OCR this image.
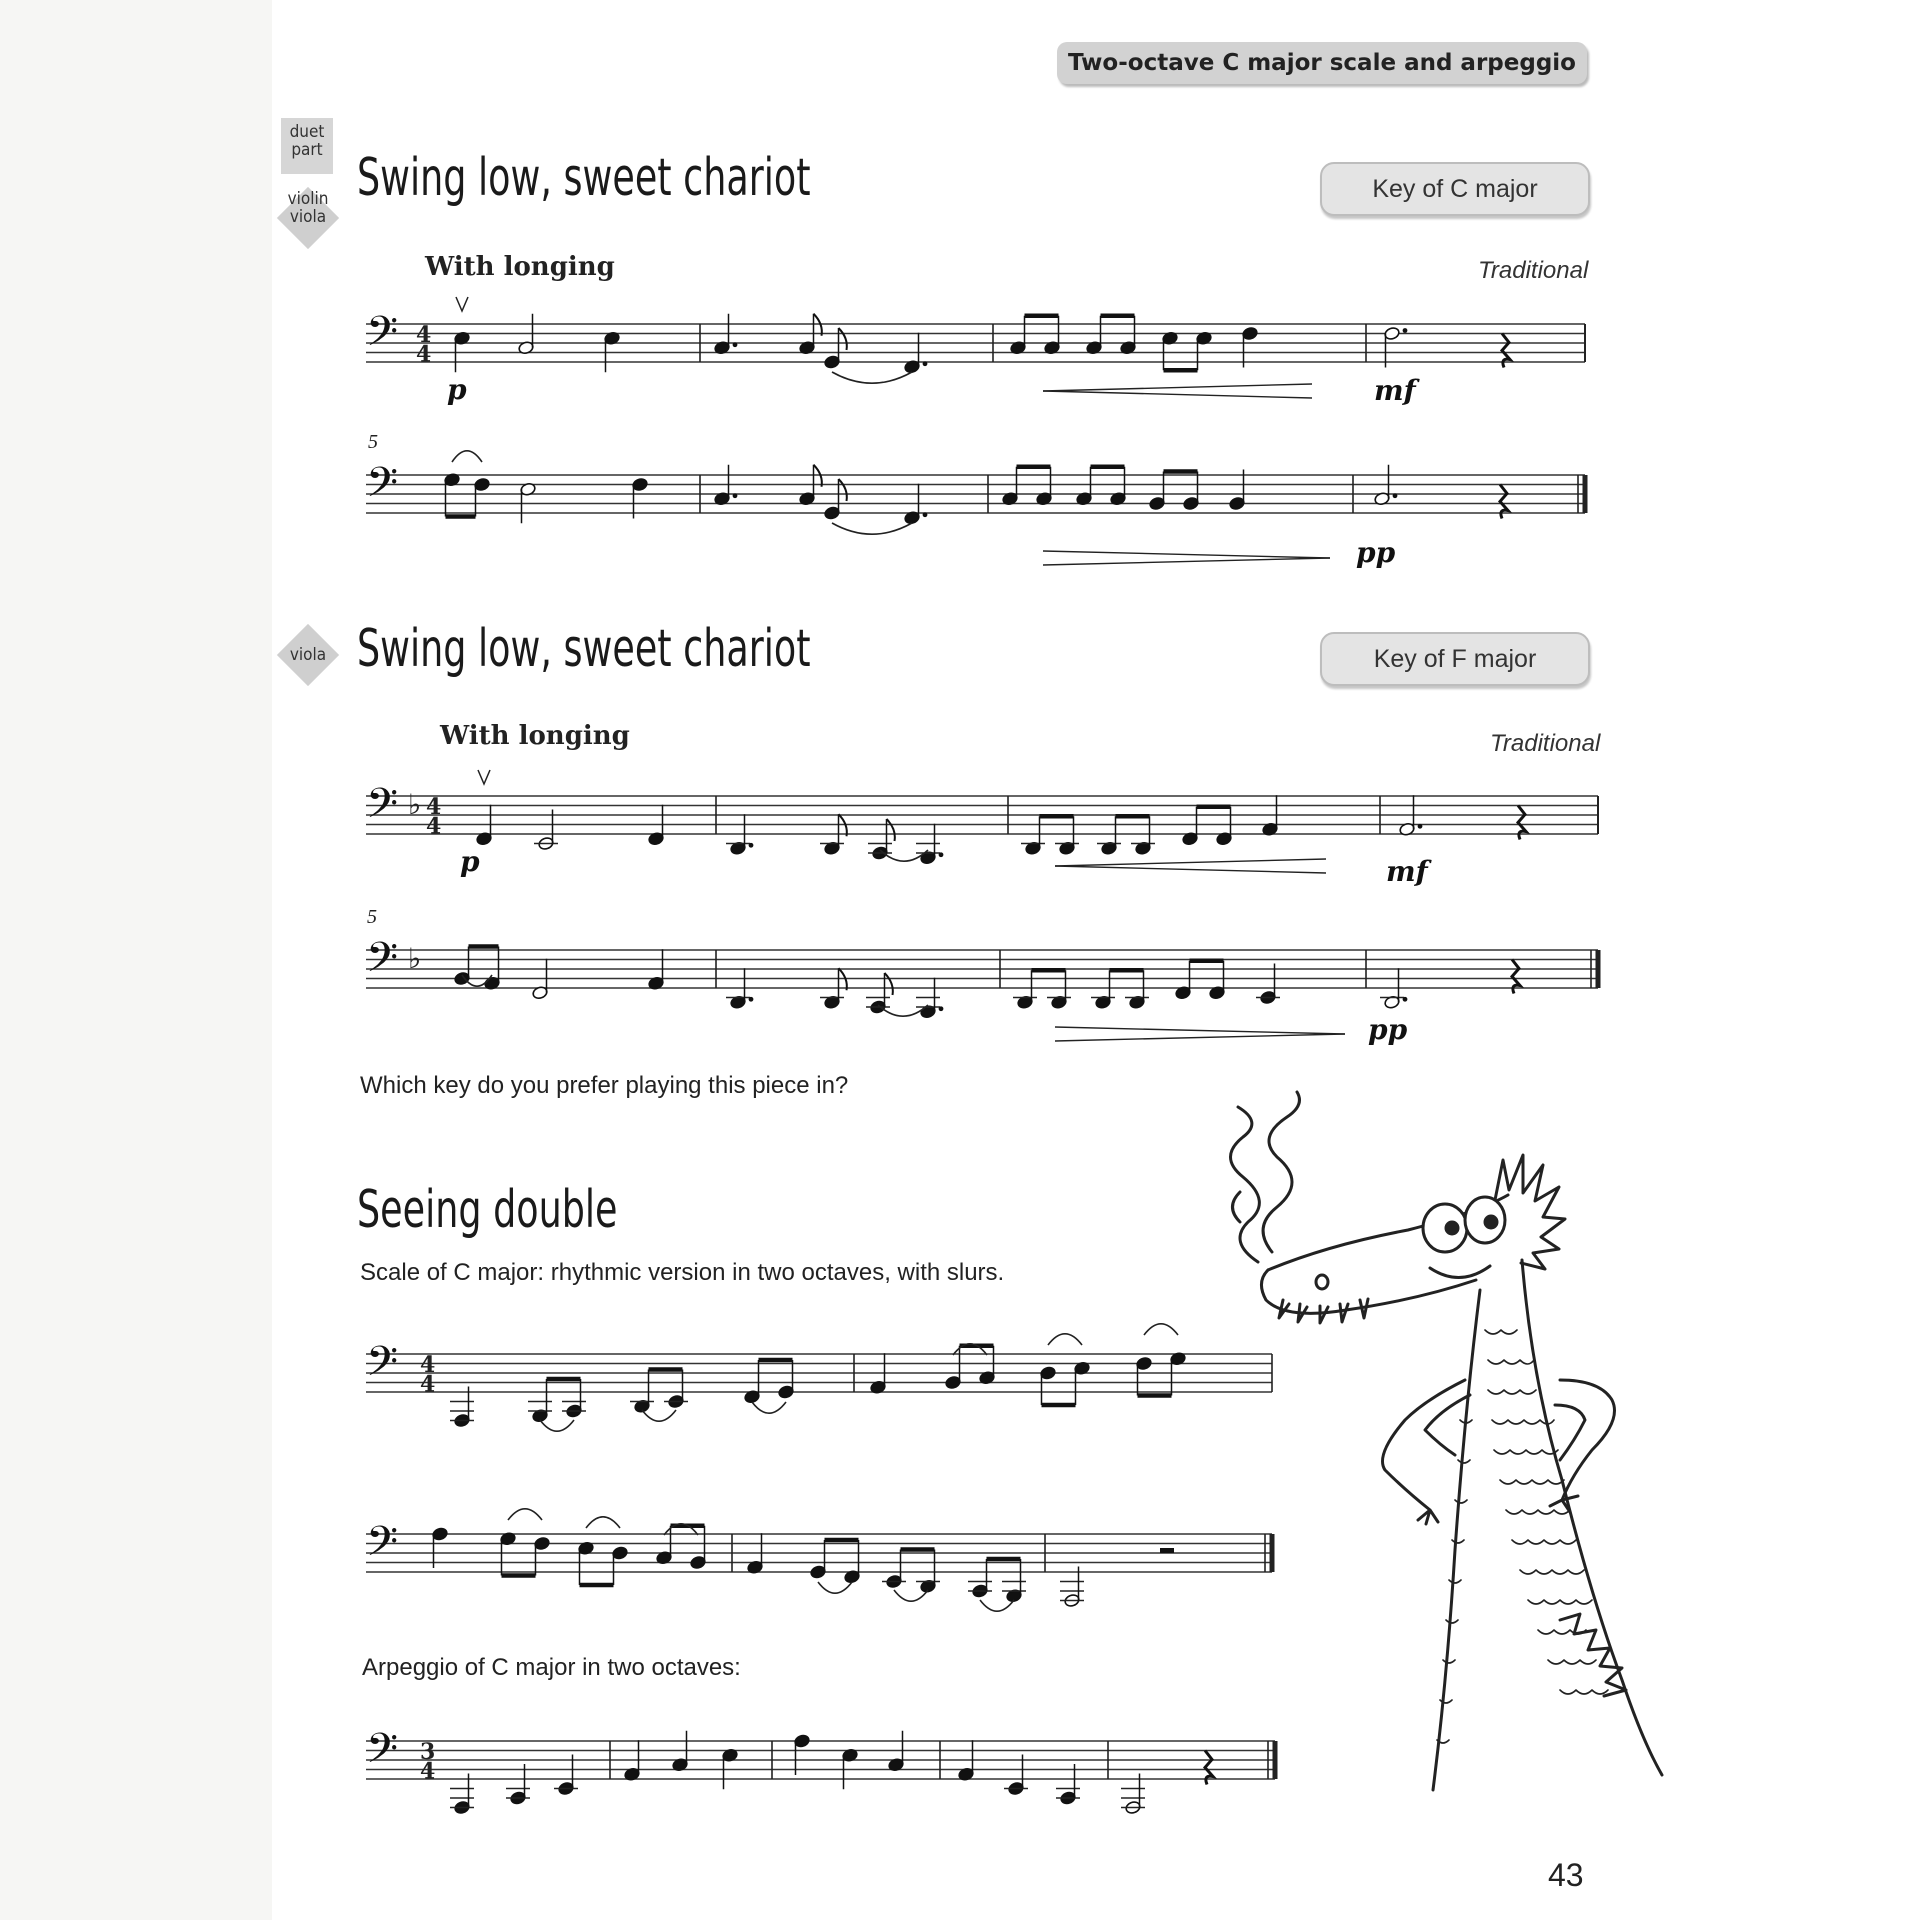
Two-octave C major scale and arpeggio
duet part
violin viola
viola
Swing low, sweet chariot	Key of C major
With longing	Traditional
Swing low, sweet chariot	Key of F major
With longing	Traditional
Which key do you prefer playing this piece in?
Seeing double
Scale of C major: rhythmic version in two octaves, with slurs.
Arpeggio of C major in two octaves:
43
𝄢 4
4
p	mf
𝄢
5
pp
𝄢 ♭ 4
4
p	mf
𝄢 ♭
5
pp
𝄢 4
4
𝄢
𝄢 3
4
